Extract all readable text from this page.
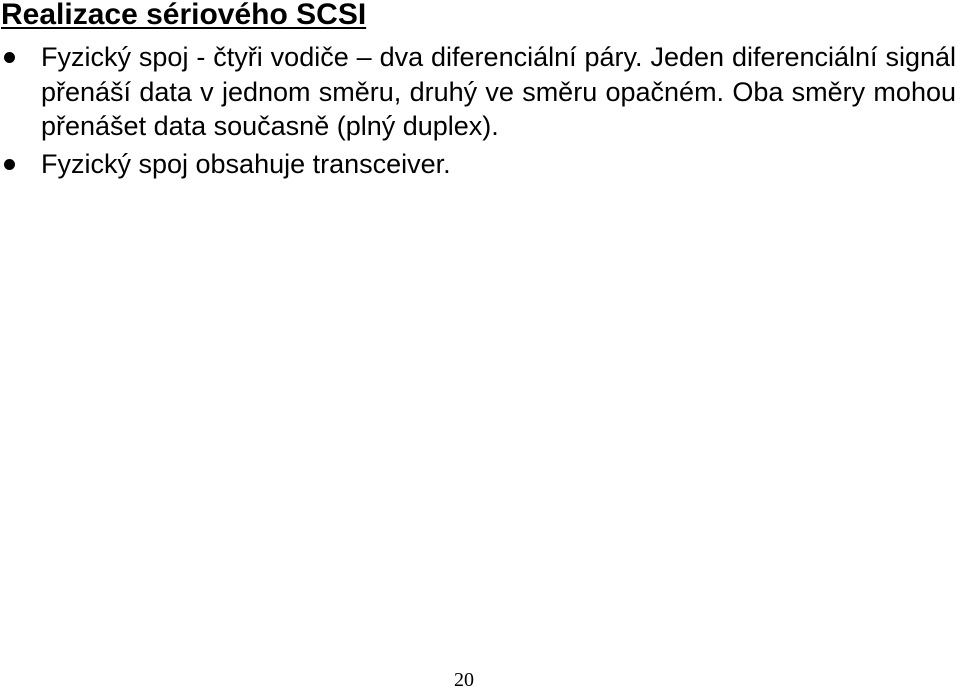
Realizace sériového SCSI
Fyzický spoj - čtyři vodiče – dva diferenciální páry. Jeden diferenciální signál přenáší data v jednom směru, druhý ve směru opačném. Oba směry mohou přenášet data současně (plný duplex).
Fyzický spoj obsahuje transceiver.
20
